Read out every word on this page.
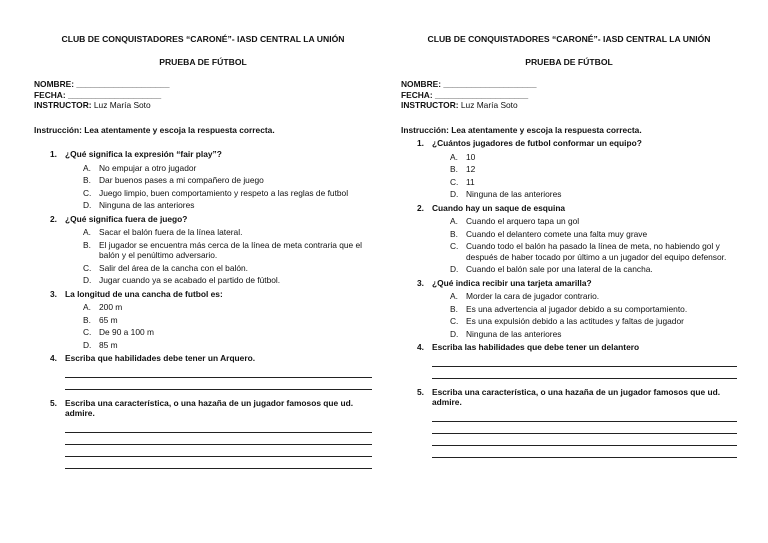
CLUB DE CONQUISTADORES “CARONÉ”- IASD CENTRAL LA UNIÓN
PRUEBA DE FÚTBOL
NOMBRE: ____________________
FECHA: ____________________
INSTRUCTOR: Luz María Soto
Instrucción: Lea atentamente y escoja la respuesta correcta.
1. ¿Qué significa la expresión “fair play”?
A. No empujar a otro jugador
B. Dar buenos pases a mi compañero de juego
C. Juego limpio, buen comportamiento y respeto a las reglas de futbol
D. Ninguna de las anteriores
2. ¿Qué significa fuera de juego?
A. Sacar el balón fuera de la línea lateral.
B. El jugador se encuentra más cerca de la línea de meta contraria que el balón y el penúltimo adversario.
C. Salir del área de la cancha con el balón.
D. Jugar cuando ya se acabado el partido de fútbol.
3. La longitud de una cancha de futbol es:
A. 200 m
B. 65 m
C. De 90 a 100 m
D. 85 m
4. Escriba que habilidades debe tener un Arquero.
5. Escriba una característica, o una hazaña de un jugador famosos que ud. admire.
CLUB DE CONQUISTADORES “CARONÉ”- IASD CENTRAL LA UNIÓN
PRUEBA DE FÚTBOL
NOMBRE: ____________________
FECHA: ____________________
INSTRUCTOR: Luz María Soto
Instrucción: Lea atentamente y escoja la respuesta correcta.
1. ¿Cuántos jugadores de futbol conformar un equipo?
A. 10
B. 12
C. 11
D. Ninguna de las anteriores
2. Cuando hay un saque de esquina
A. Cuando el arquero tapa un gol
B. Cuando el delantero comete una falta muy grave
C. Cuando todo el balón ha pasado la línea de meta, no habiendo gol y después de haber tocado por último a un jugador del equipo defensor.
D. Cuando el balón sale por una lateral de la cancha.
3. ¿Qué indica recibir una tarjeta amarilla?
A. Morder la cara de jugador contrario.
B. Es una advertencia al jugador debido a su comportamiento.
C. Es una expulsión debido a las actitudes y faltas de jugador
D. Ninguna de las anteriores
4. Escriba las habilidades que debe tener un delantero
5. Escriba una característica, o una hazaña de un jugador famosos que ud. admire.
